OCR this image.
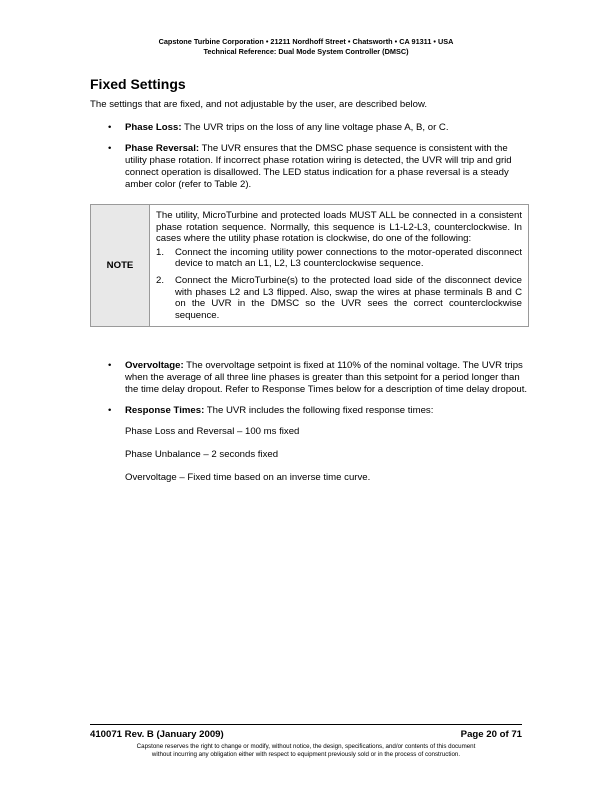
Capstone Turbine Corporation • 21211 Nordhoff Street • Chatsworth • CA 91311 • USA
Technical Reference: Dual Mode System Controller (DMSC)
Fixed Settings

The settings that are fixed, and not adjustable by the user, are described below.

• Phase Loss: The UVR trips on the loss of any line voltage phase A, B, or C.
• Phase Reversal: The UVR ensures that the DMSC phase sequence is consistent with the utility phase rotation. If incorrect phase rotation wiring is detected, the UVR will trip and grid connect operation is disallowed. The LED status indication for a phase reversal is a steady amber color (refer to Table 2).
NOTE	

The utility, MicroTurbine and protected loads MUST ALL be connected in a consistent phase rotation sequence. Normally, this sequence is L1-L2-L3, counterclockwise. In cases where the utility phase rotation is clockwise, do one of the following:

1. Connect the incoming utility power connections to the motor-operated disconnect device to match an L1, L2, L3 counterclockwise sequence.
2. Connect the MicroTurbine(s) to the protected load side of the disconnect device with phases L2 and L3 flipped. Also, swap the wires at phase terminals B and C on the UVR in the DMSC so the UVR sees the correct counterclockwise sequence.
• Overvoltage: The overvoltage setpoint is fixed at 110% of the nominal voltage. The UVR trips when the average of all three line phases is greater than this setpoint for a period longer than the time delay dropout. Refer to Response Times below for a description of time delay dropout.
• Response Times: The UVR includes the following fixed response times:

Phase Loss and Reversal – 100 ms fixed

Phase Unbalance – 2 seconds fixed

Overvoltage – Fixed time based on an inverse time curve.

410071 Rev. B (January 2009)	Page 20 of 71
Capstone reserves the right to change or modify, without notice, the design, specifications, and/or contents of this document
without incurring any obligation either with respect to equipment previously sold or in the process of construction.
